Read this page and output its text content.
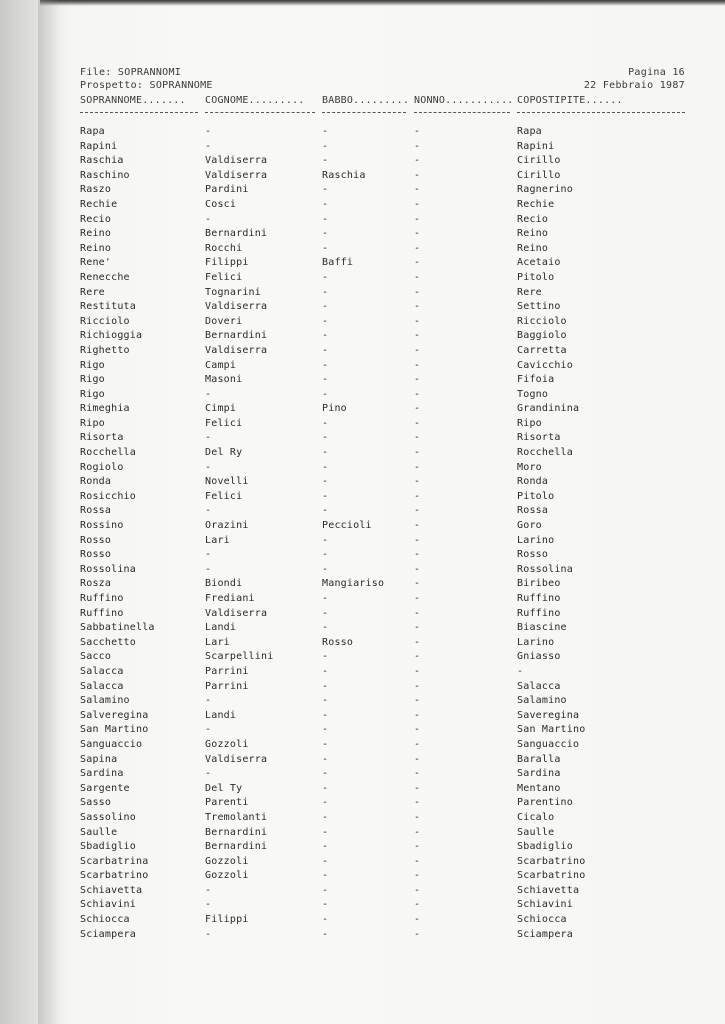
File: SOPRANNOMI
Prospetto: SOPRANNOME
Pagina 16
22 Febbraio 1987
SOPRANNOME....... COGNOME......... BABBO......... NONNO........... COPOSTIPITE......
Rapa	-	-	-	Rapa
Rapini	-	-	-	Rapini
Raschia	Valdiserra	-	-	Cirillo
Raschino	Valdiserra	Raschia	-	Cirillo
Raszo	Pardini	-	-	Ragnerino
Rechie	Cosci	-	-	Rechie
Recio	-	-	-	Recio
Reino	Bernardini	-	-	Reino
Reino	Rocchi	-	-	Reino
Rene'	Filippi	Baffi	-	Acetaio
Renecche	Felici	-	-	Pitolo
Rere	Tognarini	-	-	Rere
Restituta	Valdiserra	-	-	Settino
Ricciolo	Doveri	-	-	Ricciolo
Richioggia	Bernardini	-	-	Baggiolo
Righetto	Valdiserra	-	-	Carretta
Rigo	Campi	-	-	Cavicchio
Rigo	Masoni	-	-	Fifoia
Rigo	-	-	-	Togno
Rimeghia	Cimpi	Pino	-	Grandinina
Ripo	Felici	-	-	Ripo
Risorta	-	-	-	Risorta
Rocchella	Del Ry	-	-	Rocchella
Rogiolo	-	-	-	Moro
Ronda	Novelli	-	-	Ronda
Rosicchio	Felici	-	-	Pitolo
Rossa	-	-	-	Rossa
Rossino	Orazini	Peccioli	-	Goro
Rosso	Lari	-	-	Larino
Rosso	-	-	-	Rosso
Rossolina	-	-	-	Rossolina
Rosza	Biondi	Mangiariso	-	Biribeo
Ruffino	Frediani	-	-	Ruffino
Ruffino	Valdiserra	-	-	Ruffino
Sabbatinella	Landi	-	-	Biascine
Sacchetto	Lari	Rosso	-	Larino
Sacco	Scarpellini	-	-	Gniasso
Salacca	Parrini	-	-	-
Salacca	Parrini	-	-	Salacca
Salamino	-	-	-	Salamino
Salveregina	Landi	-	-	Saveregina
San Martino	-	-	-	San Martino
Sanguaccio	Gozzoli	-	-	Sanguaccio
Sapina	Valdiserra	-	-	Baralla
Sardina	-	-	-	Sardina
Sargente	Del Ty	-	-	Mentano
Sasso	Parenti	-	-	Parentino
Sassolino	Tremolanti	-	-	Cicalo
Saulle	Bernardini	-	-	Saulle
Sbadiglio	Bernardini	-	-	Sbadiglio
Scarbatrina	Gozzoli	-	-	Scarbatrino
Scarbatrino	Gozzoli	-	-	Scarbatrino
Schiavetta	-	-	-	Schiavetta
Schiavini	-	-	-	Schiavini
Schiocca	Filippi	-	-	Schiocca
Sciampera	-	-	-	Sciampera
